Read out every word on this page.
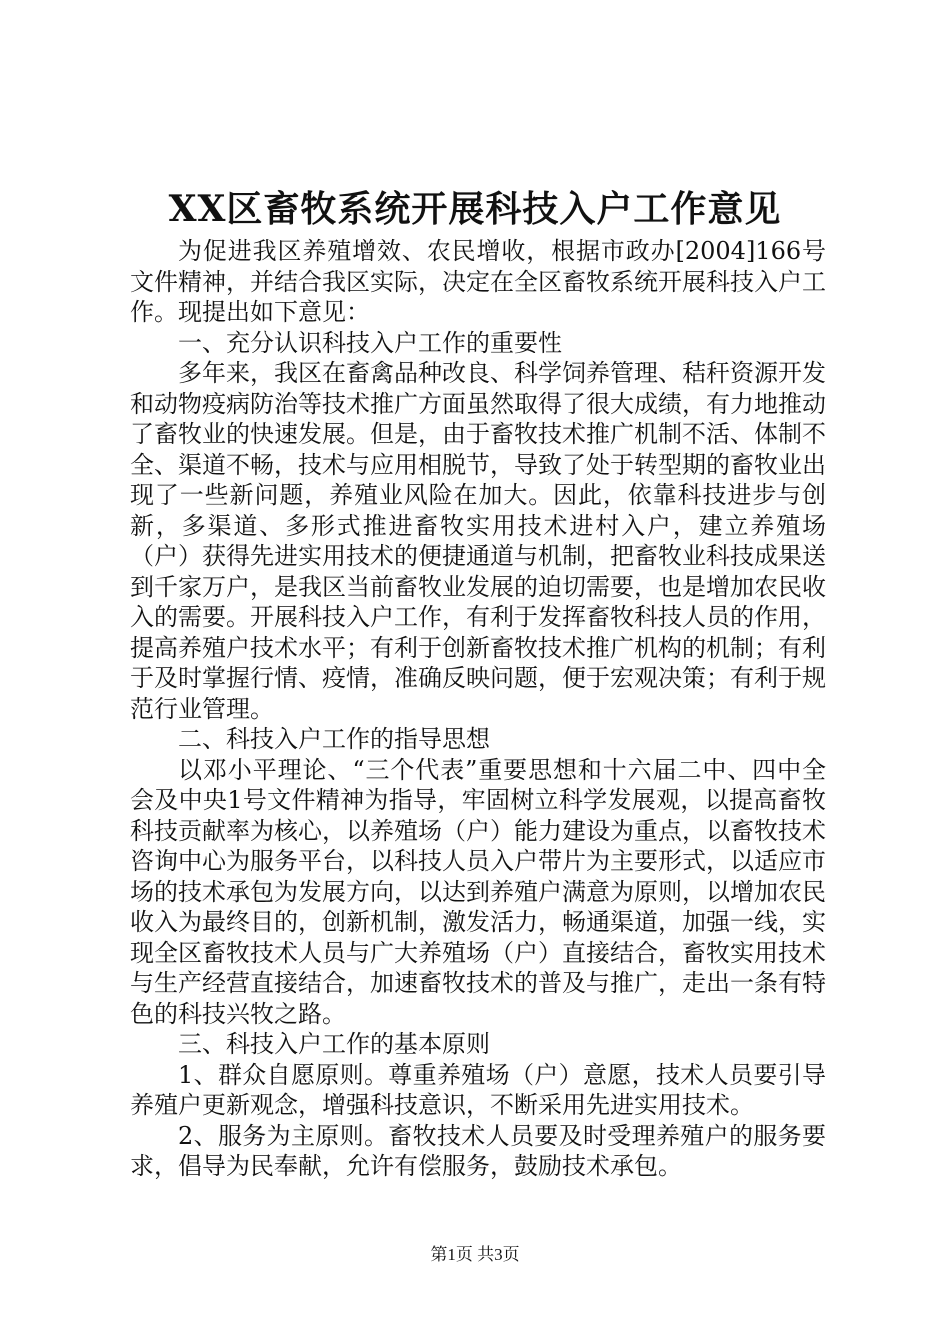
XX区畜牧系统开展科技入户工作意见

为促进我区养殖增效、农民增收，根据市政办[2004]166号文件精神，并结合我区实际，决定在全区畜牧系统开展科技入户工作。现提出如下意见：

一、充分认识科技入户工作的重要性

多年来，我区在畜禽品种改良、科学饲养管理、秸秆资源开发和动物疫病防治等技术推广方面虽然取得了很大成绩，有力地推动了畜牧业的快速发展。但是，由于畜牧技术推广机制不活、体制不全、渠道不畅，技术与应用相脱节，导致了处于转型期的畜牧业出现了一些新问题，养殖业风险在加大。因此，依靠科技进步与创新，多渠道、多形式推进畜牧实用技术进村入户，建立养殖场（户）获得先进实用技术的便捷通道与机制，把畜牧业科技成果送到千家万户，是我区当前畜牧业发展的迫切需要，也是增加农民收入的需要。开展科技入户工作，有利于发挥畜牧科技人员的作用，提高养殖户技术水平；有利于创新畜牧技术推广机构的机制；有利于及时掌握行情、疫情，准确反映问题，便于宏观决策；有利于规范行业管理。

二、科技入户工作的指导思想

以邓小平理论、“三个代表”重要思想和十六届二中、四中全会及中央1号文件精神为指导，牢固树立科学发展观，以提高畜牧科技贡献率为核心，以养殖场（户）能力建设为重点，以畜牧技术咨询中心为服务平台，以科技人员入户带片为主要形式，以适应市场的技术承包为发展方向，以达到养殖户满意为原则，以增加农民收入为最终目的，创新机制，激发活力，畅通渠道，加强一线，实现全区畜牧技术人员与广大养殖场（户）直接结合，畜牧实用技术与生产经营直接结合，加速畜牧技术的普及与推广，走出一条有特色的科技兴牧之路。

三、科技入户工作的基本原则

1、群众自愿原则。尊重养殖场（户）意愿，技术人员要引导养殖户更新观念，增强科技意识，不断采用先进实用技术。

2、服务为主原则。畜牧技术人员要及时受理养殖户的服务要求，倡导为民奉献，允许有偿服务，鼓励技术承包。

第1页 共3页
